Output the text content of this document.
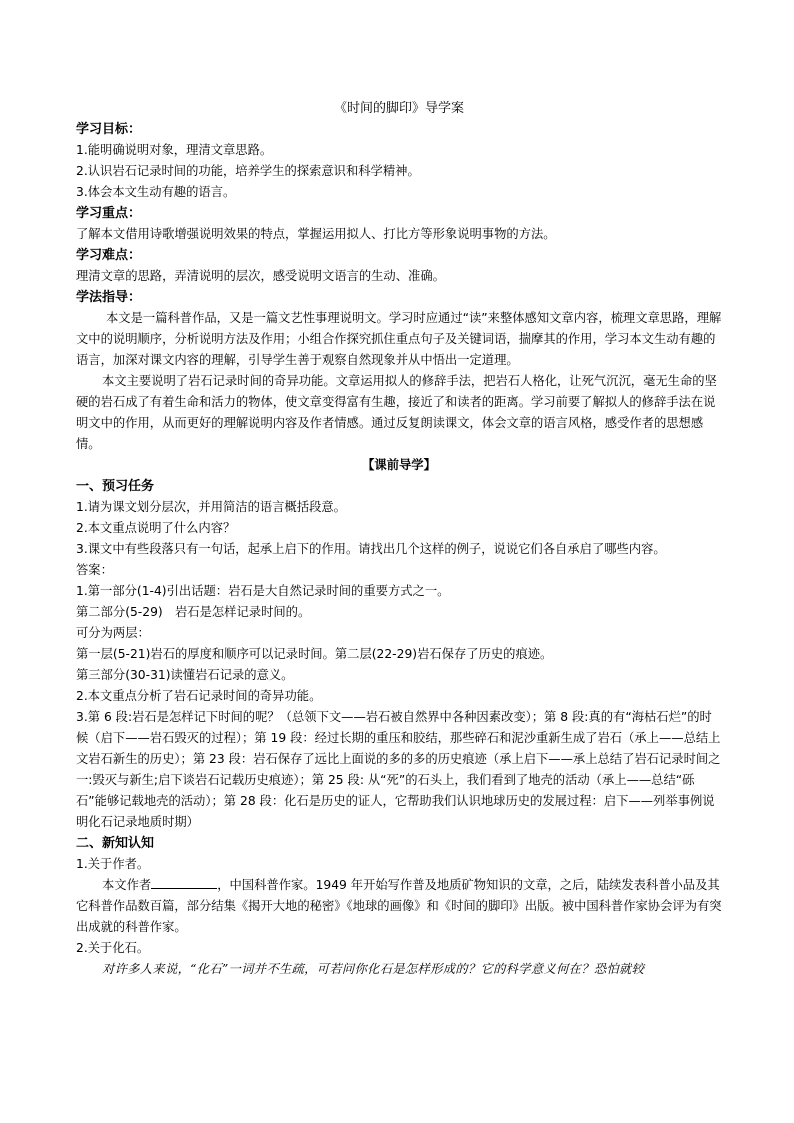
《时间的脚印》导学案
学习目标：

1.能明确说明对象，理清文章思路。

2.认识岩石记录时间的功能，培养学生的探索意识和科学精神。

3.体会本文生动有趣的语言。

学习重点：

了解本文借用诗歌增强说明效果的特点，掌握运用拟人、打比方等形象说明事物的方法。

学习难点：

理清文章的思路，弄清说明的层次，感受说明文语言的生动、准确。

学法指导：

本文是一篇科普作品，又是一篇文艺性事理说明文。学习时应通过“读”来整体感知文章内容，梳理文章思路，理解文中的说明顺序，分析说明方法及作用；小组合作探究抓住重点句子及关键词语，揣摩其的作用，学习本文生动有趣的语言，加深对课文内容的理解，引导学生善于观察自然现象并从中悟出一定道理。

本文主要说明了岩石记录时间的奇异功能。文章运用拟人的修辞手法，把岩石人格化，让死气沉沉，毫无生命的坚硬的岩石成了有着生命和活力的物体，使文章变得富有生趣，接近了和读者的距离。学习前要了解拟人的修辞手法在说明文中的作用，从而更好的理解说明内容及作者情感。通过反复朗读课文，体会文章的语言风格，感受作者的思想感情。

【课前导学】
一、预习任务

1.请为课文划分层次，并用简洁的语言概括段意。

2.本文重点说明了什么内容？

3.课文中有些段落只有一句话，起承上启下的作用。请找出几个这样的例子，说说它们各自承启了哪些内容。

答案：

1.第一部分(1-4)引出话题：岩石是大自然记录时间的重要方式之一。

第二部分(5-29)　岩石是怎样记录时间的。

可分为两层：

第一层(5-21)岩石的厚度和顺序可以记录时间。第二层(22-29)岩石保存了历史的痕迹。

第三部分(30-31)读懂岩石记录的意义。

2.本文重点分析了岩石记录时间的奇异功能。

3.第 6 段:岩石是怎样记下时间的呢？（总领下文——岩石被自然界中各种因素改变）；第 8 段:真的有“海枯石烂”的时候（启下——岩石毁灭的过程）；第 19 段：经过长期的重压和胶结，那些碎石和泥沙重新生成了岩石（承上——总结上文岩石新生的历史）；第 23 段：岩石保存了远比上面说的多的多的历史痕迹（承上启下——承上总结了岩石记录时间之一:毁灭与新生;启下谈岩石记载历史痕迹）；第 25 段: 从“死”的石头上，我们看到了地壳的活动（承上——总结“砾石”能够记载地壳的活动）；第 28 段：化石是历史的证人，它帮助我们认识地球历史的发展过程：启下——列举事例说明化石记录地质时期）

二、新知认知

1.关于作者。

本文作者	，中国科普作家。1949 年开始写作普及地质矿物知识的文章，之后，陆续发表科普小品及其它科普作品数百篇，部分结集《揭开大地的秘密》《地球的画像》和《时间的脚印》出版。被中国科普作家协会评为有突出成就的科普作家。

2.关于化石。

对许多人来说，“化石”一词并不生疏，可若问你化石是怎样形成的？它的科学意义何在？恐怕就较
